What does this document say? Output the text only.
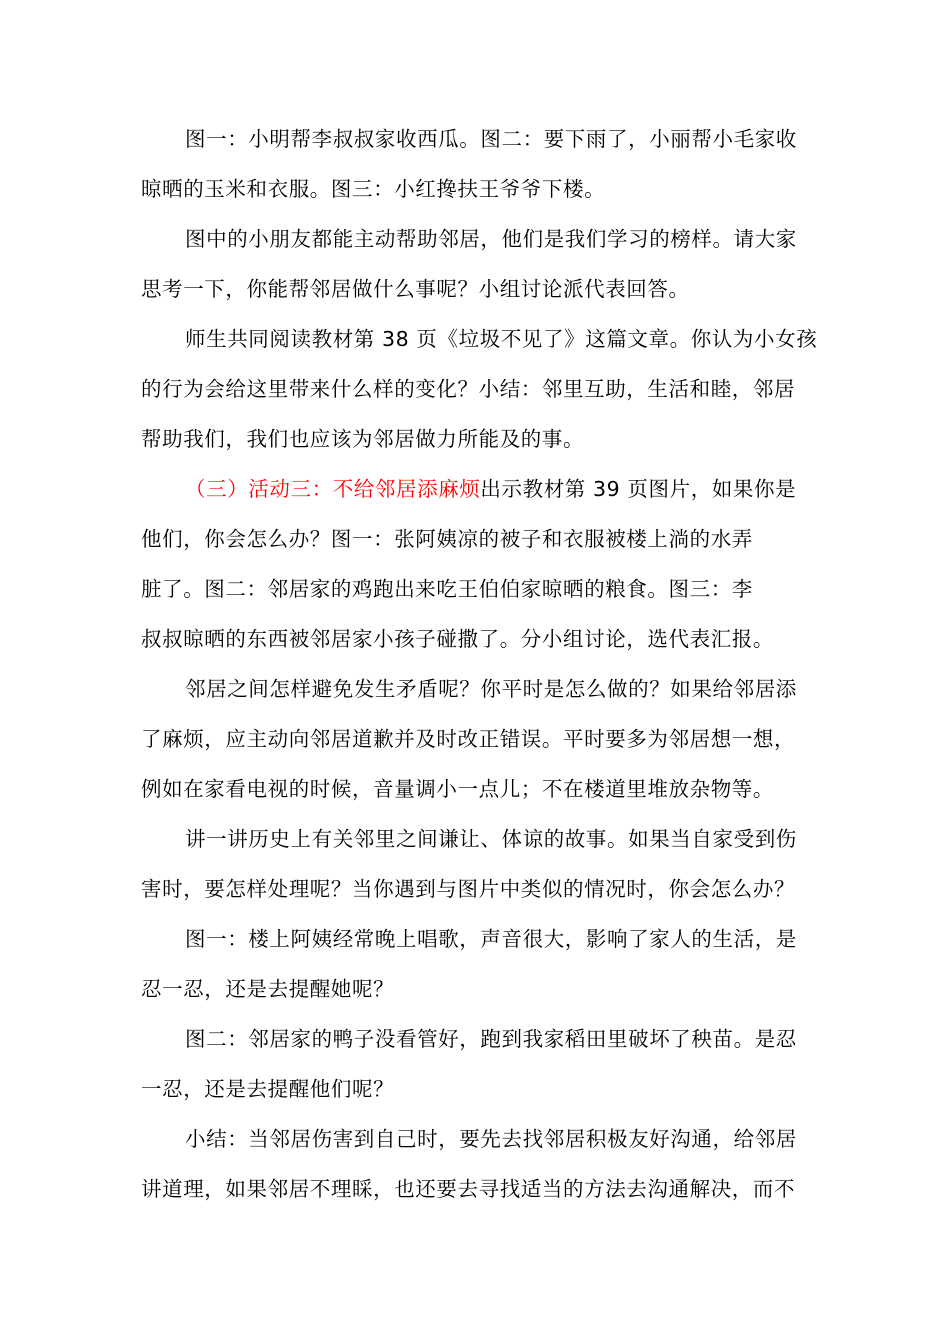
图一：小明帮李叔叔家收西瓜。图二：要下雨了，小丽帮小毛家收
晾晒的玉米和衣服。图三：小红搀扶王爷爷下楼。
图中的小朋友都能主动帮助邻居，他们是我们学习的榜样。请大家
思考一下，你能帮邻居做什么事呢？小组讨论派代表回答。
师生共同阅读教材第 38 页《垃圾不见了》这篇文章。你认为小女孩
的行为会给这里带来什么样的变化？小结：邻里互助，生活和睦，邻居
帮助我们，我们也应该为邻居做力所能及的事。
（三）活动三：不给邻居添麻烦出示教材第 39 页图片，如果你是
他们，你会怎么办？图一：张阿姨凉的被子和衣服被楼上淌的水弄
脏了。图二：邻居家的鸡跑出来吃王伯伯家晾晒的粮食。图三：李
叔叔晾晒的东西被邻居家小孩子碰撒了。分小组讨论，选代表汇报。
邻居之间怎样避免发生矛盾呢？你平时是怎么做的？如果给邻居添
了麻烦，应主动向邻居道歉并及时改正错误。平时要多为邻居想一想，
例如在家看电视的时候，音量调小一点儿；不在楼道里堆放杂物等。
讲一讲历史上有关邻里之间谦让、体谅的故事。如果当自家受到伤
害时，要怎样处理呢？当你遇到与图片中类似的情况时，你会怎么办？
图一：楼上阿姨经常晚上唱歌，声音很大，影响了家人的生活，是
忍一忍，还是去提醒她呢？
图二：邻居家的鸭子没看管好，跑到我家稻田里破坏了秧苗。是忍
一忍，还是去提醒他们呢？
小结：当邻居伤害到自己时，要先去找邻居积极友好沟通，给邻居
讲道理，如果邻居不理睬，也还要去寻找适当的方法去沟通解决，而不
